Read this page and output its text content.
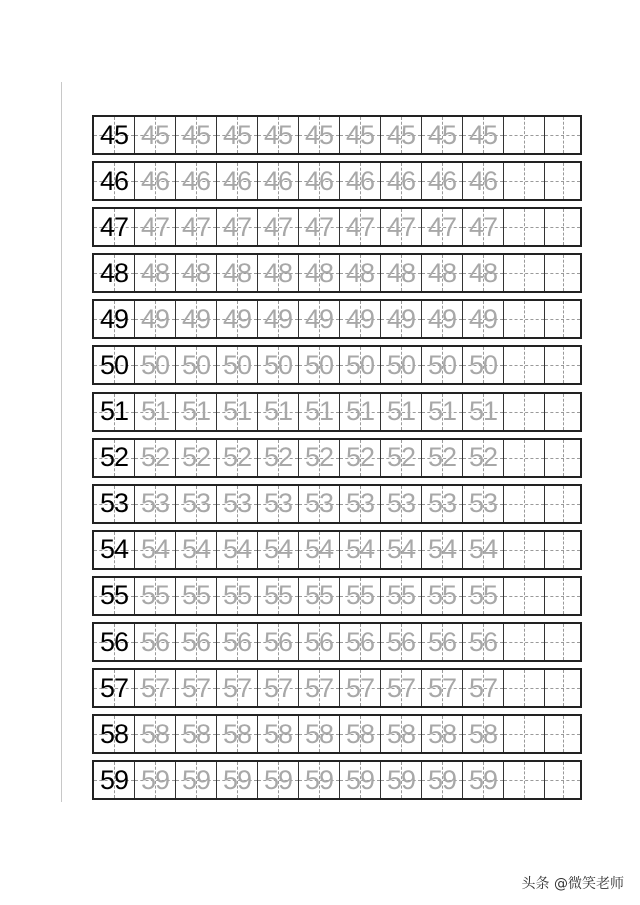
45 45 45 45 45 45 45 45 45 45
46 46 46 46 46 46 46 46 46 46
47 47 47 47 47 47 47 47 47 47
48 48 48 48 48 48 48 48 48 48
49 49 49 49 49 49 49 49 49 49
50 50 50 50 50 50 50 50 50 50
51 51 51 51 51 51 51 51 51 51
52 52 52 52 52 52 52 52 52 52
53 53 53 53 53 53 53 53 53 53
54 54 54 54 54 54 54 54 54 54
55 55 55 55 55 55 55 55 55 55
56 56 56 56 56 56 56 56 56 56
57 57 57 57 57 57 57 57 57 57
58 58 58 58 58 58 58 58 58 58
59 59 59 59 59 59 59 59 59 59
头条 @微笑老师
